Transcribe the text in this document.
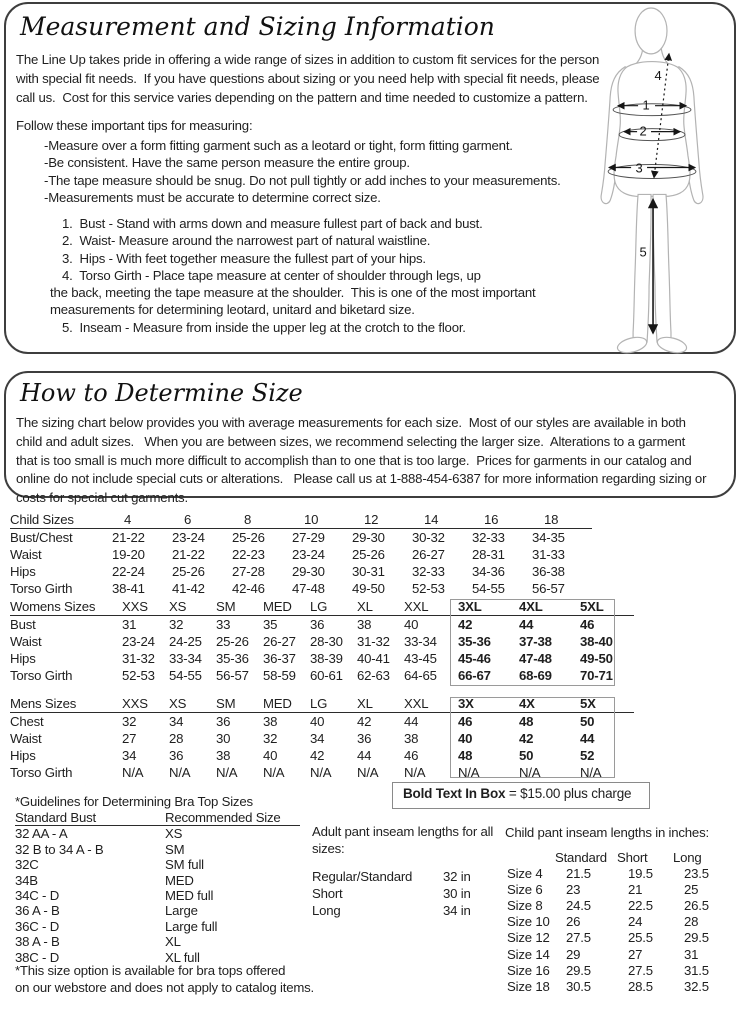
Measurement and Sizing Information

The Line Up takes pride in offering a wide range of sizes in addition to custom fit services for the person with special fit needs.  If you have questions about sizing or you need help with special fit needs, please call us.  Cost for this service varies depending on the pattern and time needed to customize a pattern.

Follow these important tips for measuring:
-Measure over a form fitting garment such as a leotard or tight, form fitting garment.
-Be consistent. Have the same person measure the entire group.
-The tape measure should be snug. Do not pull tightly or add inches to your measurements.
-Measurements must be accurate to determine correct size.
1.  Bust - Stand with arms down and measure fullest part of back and bust.
2.  Waist- Measure around the narrowest part of natural waistline.
3.  Hips - With feet together measure the fullest part of your hips.
4.  Torso Girth - Place tape measure at center of shoulder through legs, up
the back, meeting the tape measure at the shoulder.  This is one of the most important
measurements for determining leotard, unitard and biketard size.
5.  Inseam - Measure from inside the upper leg at the crotch to the floor.
1
2
3
4
5
How to Determine Size

The sizing chart below provides you with average measurements for each size.  Most of our styles are available in both child and adult sizes.   When you are between sizes, we recommend selecting the larger size.  Alterations to a garment that is too small is much more difficult to accomplish than to one that is too large.  Prices for garments in our catalog and online do not include special cuts or alterations.   Please call us at 1-888-454-6387 for more information regarding sizing or costs for special cut garments.

Child Sizes	4	6	8	10	12	14	16	18
Bust/Chest	21-22	23-24	25-26	27-29	29-30	30-32	32-33	34-35
Waist	19-20	21-22	22-23	23-24	25-26	26-27	28-31	31-33
Hips	22-24	25-26	27-28	29-30	30-31	32-33	34-36	36-38
Torso Girth	38-41	41-42	42-46	47-48	49-50	52-53	54-55	56-57
Womens Sizes	XXS	XS	SM	MED	LG	XL	XXL	3XL	4XL	5XL
Bust	31	32	33	35	36	38	40	42	44	46
Waist	23-24	24-25	25-26	26-27	28-30	31-32	33-34	35-36	37-38	38-40
Hips	31-32	33-34	35-36	36-37	38-39	40-41	43-45	45-46	47-48	49-50
Torso Girth	52-53	54-55	56-57	58-59	60-61	62-63	64-65	66-67	68-69	70-71
Mens Sizes	XXS	XS	SM	MED	LG	XL	XXL	3X	4X	5X
Chest	32	34	36	38	40	42	44	46	48	50
Waist	27	28	30	32	34	36	38	40	42	44
Hips	34	36	38	40	42	44	46	48	50	52
Torso Girth	N/A	N/A	N/A	N/A	N/A	N/A	N/A	N/A	N/A	N/A
Bold Text In Box = $15.00 plus charge
*Guidelines for Determining Bra Top Sizes
Standard Bust	Recommended Size
32 AA - A	XS
32 B to 34 A - B	SM
32C	SM full
34B	MED
34C - D	MED full
36 A - B	Large
36C - D	Large full
38 A - B	XL
38C - D	XL full
*This size option is available for bra tops offered
on our webstore and does not apply to catalog items.

Adult pant inseam lengths for all sizes:

Regular/Standard	32 in
Short	30 in
Long	34 in
Child pant inseam lengths in inches:
	Standard	Short	Long
Size 4	21.5	19.5	23.5
Size 6	23	21	25
Size 8	24.5	22.5	26.5
Size 10	26	24	28
Size 12	27.5	25.5	29.5
Size 14	29	27	31
Size 16	29.5	27.5	31.5
Size 18	30.5	28.5	32.5
